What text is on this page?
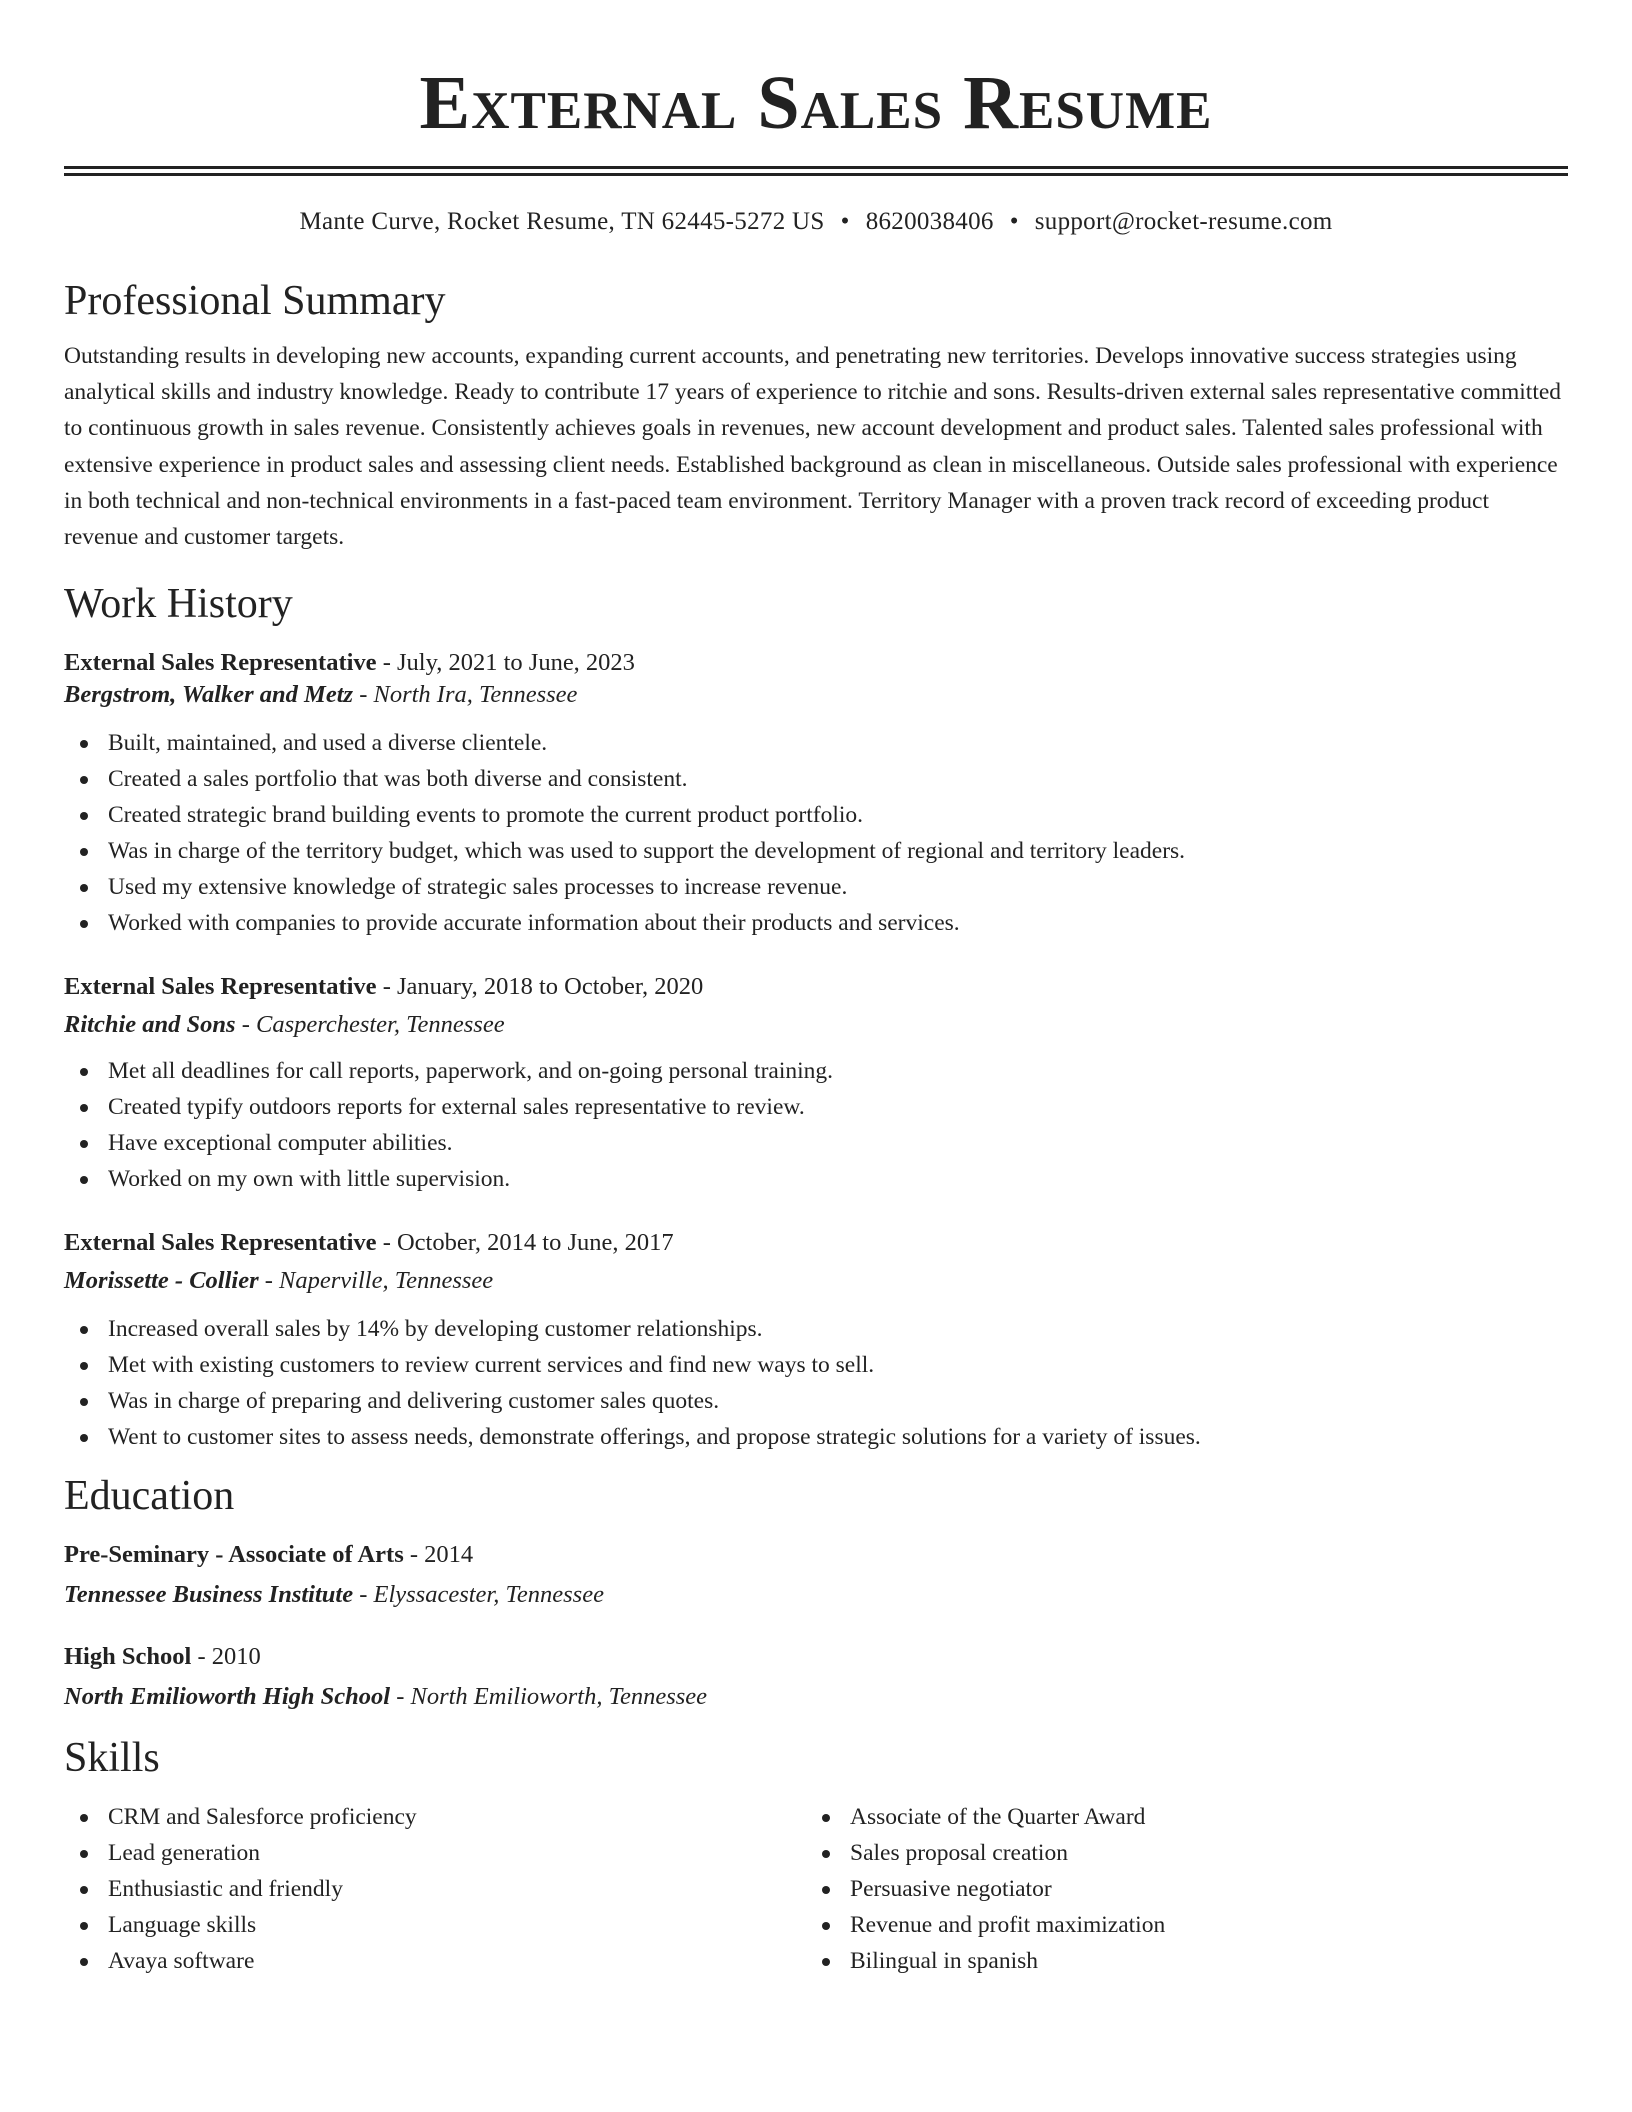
External Sales Resume
Mante Curve, Rocket Resume, TN 62445-5272 US • 8620038406 • support@rocket-resume.com
Professional Summary

Outstanding results in developing new accounts, expanding current accounts, and penetrating new territories. Develops innovative success strategies using analytical skills and industry knowledge. Ready to contribute 17 years of experience to ritchie and sons. Results-driven external sales representative committed to continuous growth in sales revenue. Consistently achieves goals in revenues, new account development and product sales. Talented sales professional with extensive experience in product sales and assessing client needs. Established background as clean in miscellaneous. Outside sales professional with experience in both technical and non-technical environments in a fast-paced team environment. Territory Manager with a proven track record of exceeding product revenue and customer targets.

Work History
External Sales Representative - July, 2021 to June, 2023
Bergstrom, Walker and Metz - North Ira, Tennessee
Built, maintained, and used a diverse clientele.
Created a sales portfolio that was both diverse and consistent.
Created strategic brand building events to promote the current product portfolio.
Was in charge of the territory budget, which was used to support the development of regional and territory leaders.
Used my extensive knowledge of strategic sales processes to increase revenue.
Worked with companies to provide accurate information about their products and services.
External Sales Representative - January, 2018 to October, 2020
Ritchie and Sons - Casperchester, Tennessee
Met all deadlines for call reports, paperwork, and on-going personal training.
Created typify outdoors reports for external sales representative to review.
Have exceptional computer abilities.
Worked on my own with little supervision.
External Sales Representative - October, 2014 to June, 2017
Morissette - Collier - Naperville, Tennessee
Increased overall sales by 14% by developing customer relationships.
Met with existing customers to review current services and find new ways to sell.
Was in charge of preparing and delivering customer sales quotes.
Went to customer sites to assess needs, demonstrate offerings, and propose strategic solutions for a variety of issues.
Education
Pre-Seminary - Associate of Arts - 2014
Tennessee Business Institute - Elyssacester, Tennessee
High School - 2010
North Emilioworth High School - North Emilioworth, Tennessee
Skills
CRM and Salesforce proficiency
Lead generation
Enthusiastic and friendly
Language skills
Avaya software
Associate of the Quarter Award
Sales proposal creation
Persuasive negotiator
Revenue and profit maximization
Bilingual in spanish
